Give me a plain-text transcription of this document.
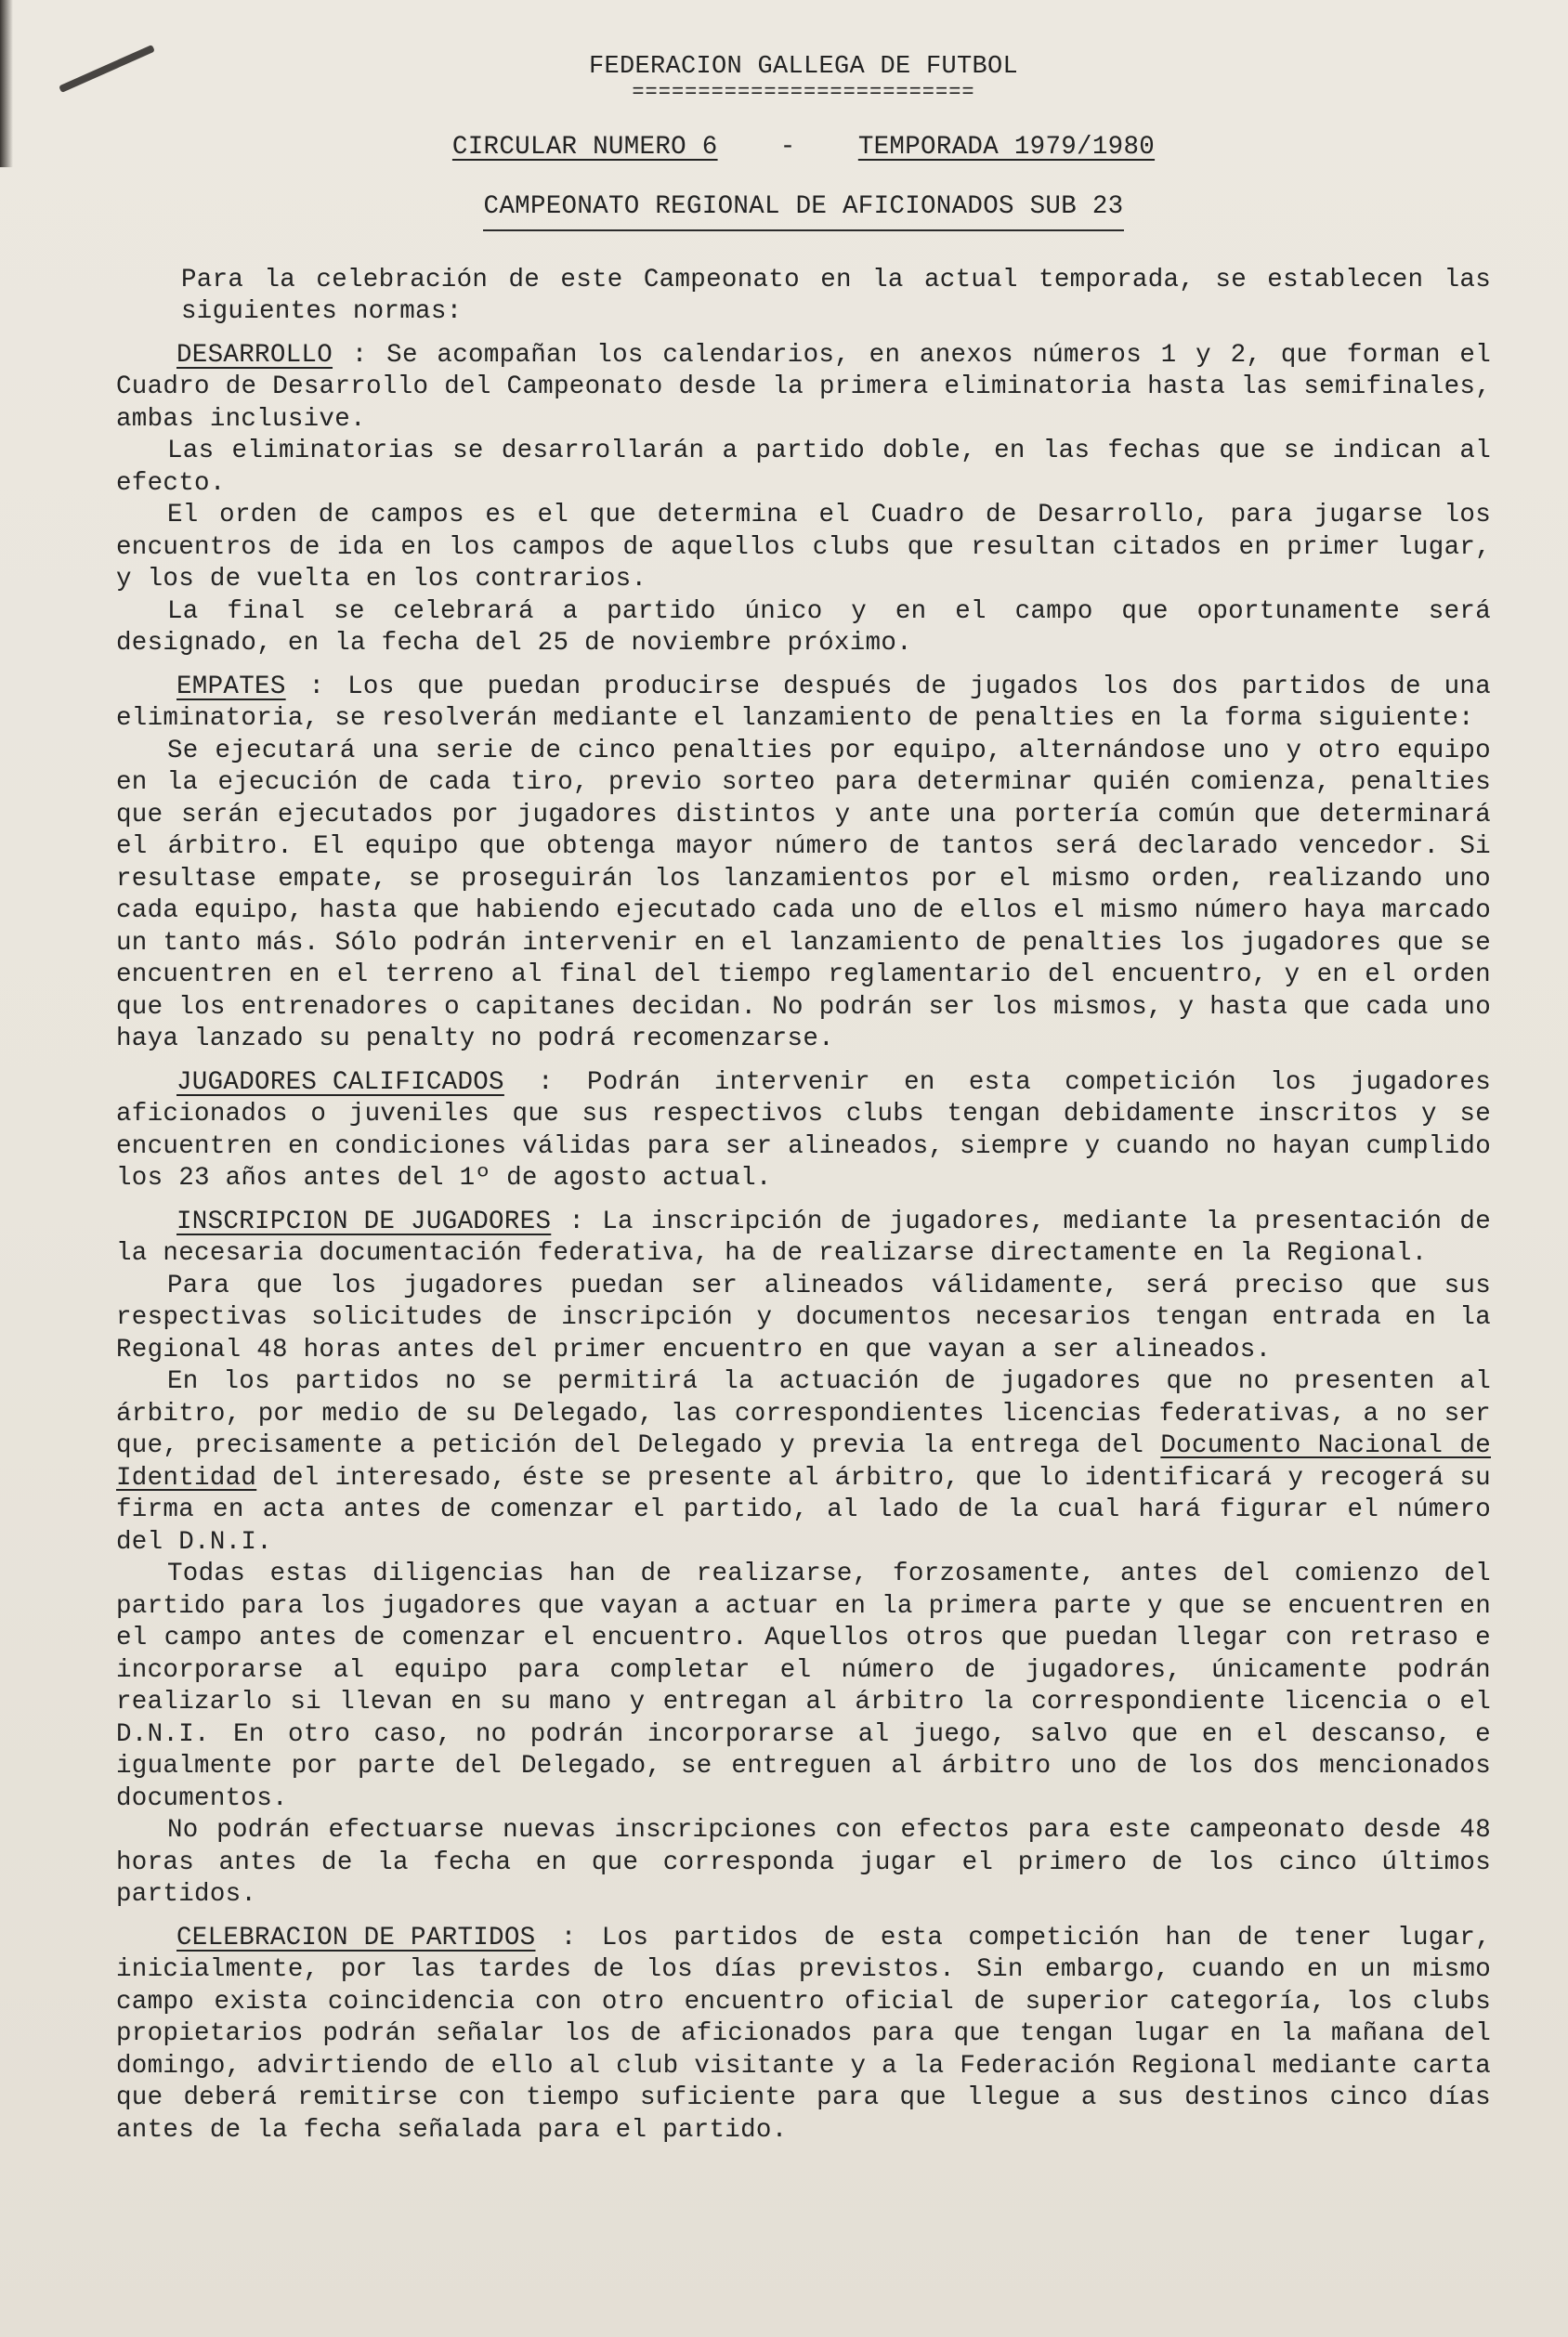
FEDERACION GALLEGA DE FUTBOL
==========================
CIRCULAR NUMERO 6 - TEMPORADA 1979/1980
CAMPEONATO REGIONAL DE AFICIONADOS SUB 23

Para la celebración de este Campeonato en la actual temporada, se establecen las siguientes normas:

DESARROLLO : Se acompañan los calendarios, en anexos números 1 y 2, que forman el Cuadro de Desarrollo del Campeonato desde la primera eliminatoria hasta las semifinales, ambas inclusive.

Las eliminatorias se desarrollarán a partido doble, en las fechas que se indican al efecto.

El orden de campos es el que determina el Cuadro de Desarrollo, para jugarse los encuentros de ida en los campos de aquellos clubs que resultan citados en primer lugar, y los de vuelta en los contrarios.

La final se celebrará a partido único y en el campo que oportunamente será designado, en la fecha del 25 de noviembre próximo.

EMPATES : Los que puedan producirse después de jugados los dos partidos de una eliminatoria, se resolverán mediante el lanzamiento de penalties en la forma siguiente:

Se ejecutará una serie de cinco penalties por equipo, alternándose uno y otro equipo en la ejecución de cada tiro, previo sorteo para determinar quién comienza, penalties que serán ejecutados por jugadores distintos y ante una portería común que determinará el árbitro. El equipo que obtenga mayor número de tantos será declarado vencedor. Si resultase empate, se proseguirán los lanzamientos por el mismo orden, realizando uno cada equipo, hasta que habiendo ejecutado cada uno de ellos el mismo número haya marcado un tanto más. Sólo podrán intervenir en el lanzamiento de penalties los jugadores que se encuentren en el terreno al final del tiempo reglamentario del encuentro, y en el orden que los entrenadores o capitanes decidan. No podrán ser los mismos, y hasta que cada uno haya lanzado su penalty no podrá recomenzarse.

JUGADORES CALIFICADOS : Podrán intervenir en esta competición los jugadores aficionados o juveniles que sus respectivos clubs tengan debidamente inscritos y se encuentren en condiciones válidas para ser alineados, siempre y cuando no hayan cumplido los 23 años antes del 1º de agosto actual.

INSCRIPCION DE JUGADORES : La inscripción de jugadores, mediante la presentación de la necesaria documentación federativa, ha de realizarse directamente en la Regional.

Para que los jugadores puedan ser alineados válidamente, será preciso que sus respectivas solicitudes de inscripción y documentos necesarios tengan entrada en la Regional 48 horas antes del primer encuentro en que vayan a ser alineados.

En los partidos no se permitirá la actuación de jugadores que no presenten al árbitro, por medio de su Delegado, las correspondientes licencias federativas, a no ser que, precisamente a petición del Delegado y previa la entrega del Documento Nacional de Identidad del interesado, éste se presente al árbitro, que lo identificará y recogerá su firma en acta antes de comenzar el partido, al lado de la cual hará figurar el número del D.N.I.

Todas estas diligencias han de realizarse, forzosamente, antes del comienzo del partido para los jugadores que vayan a actuar en la primera parte y que se encuentren en el campo antes de comenzar el encuentro. Aquellos otros que puedan llegar con retraso e incorporarse al equipo para completar el número de jugadores, únicamente podrán realizarlo si llevan en su mano y entregan al árbitro la correspondiente licencia o el D.N.I. En otro caso, no podrán incorporarse al juego, salvo que en el descanso, e igualmente por parte del Delegado, se entreguen al árbitro uno de los dos mencionados documentos.

No podrán efectuarse nuevas inscripciones con efectos para este campeonato desde 48 horas antes de la fecha en que corresponda jugar el primero de los cinco últimos partidos.

CELEBRACION DE PARTIDOS : Los partidos de esta competición han de tener lugar, inicialmente, por las tardes de los días previstos. Sin embargo, cuando en un mismo campo exista coincidencia con otro encuentro oficial de superior categoría, los clubs propietarios podrán señalar los de aficionados para que tengan lugar en la mañana del domingo, advirtiendo de ello al club visitante y a la Federación Regional mediante carta que deberá remitirse con tiempo suficiente para que llegue a sus destinos cinco días antes de la fecha señalada para el partido.
